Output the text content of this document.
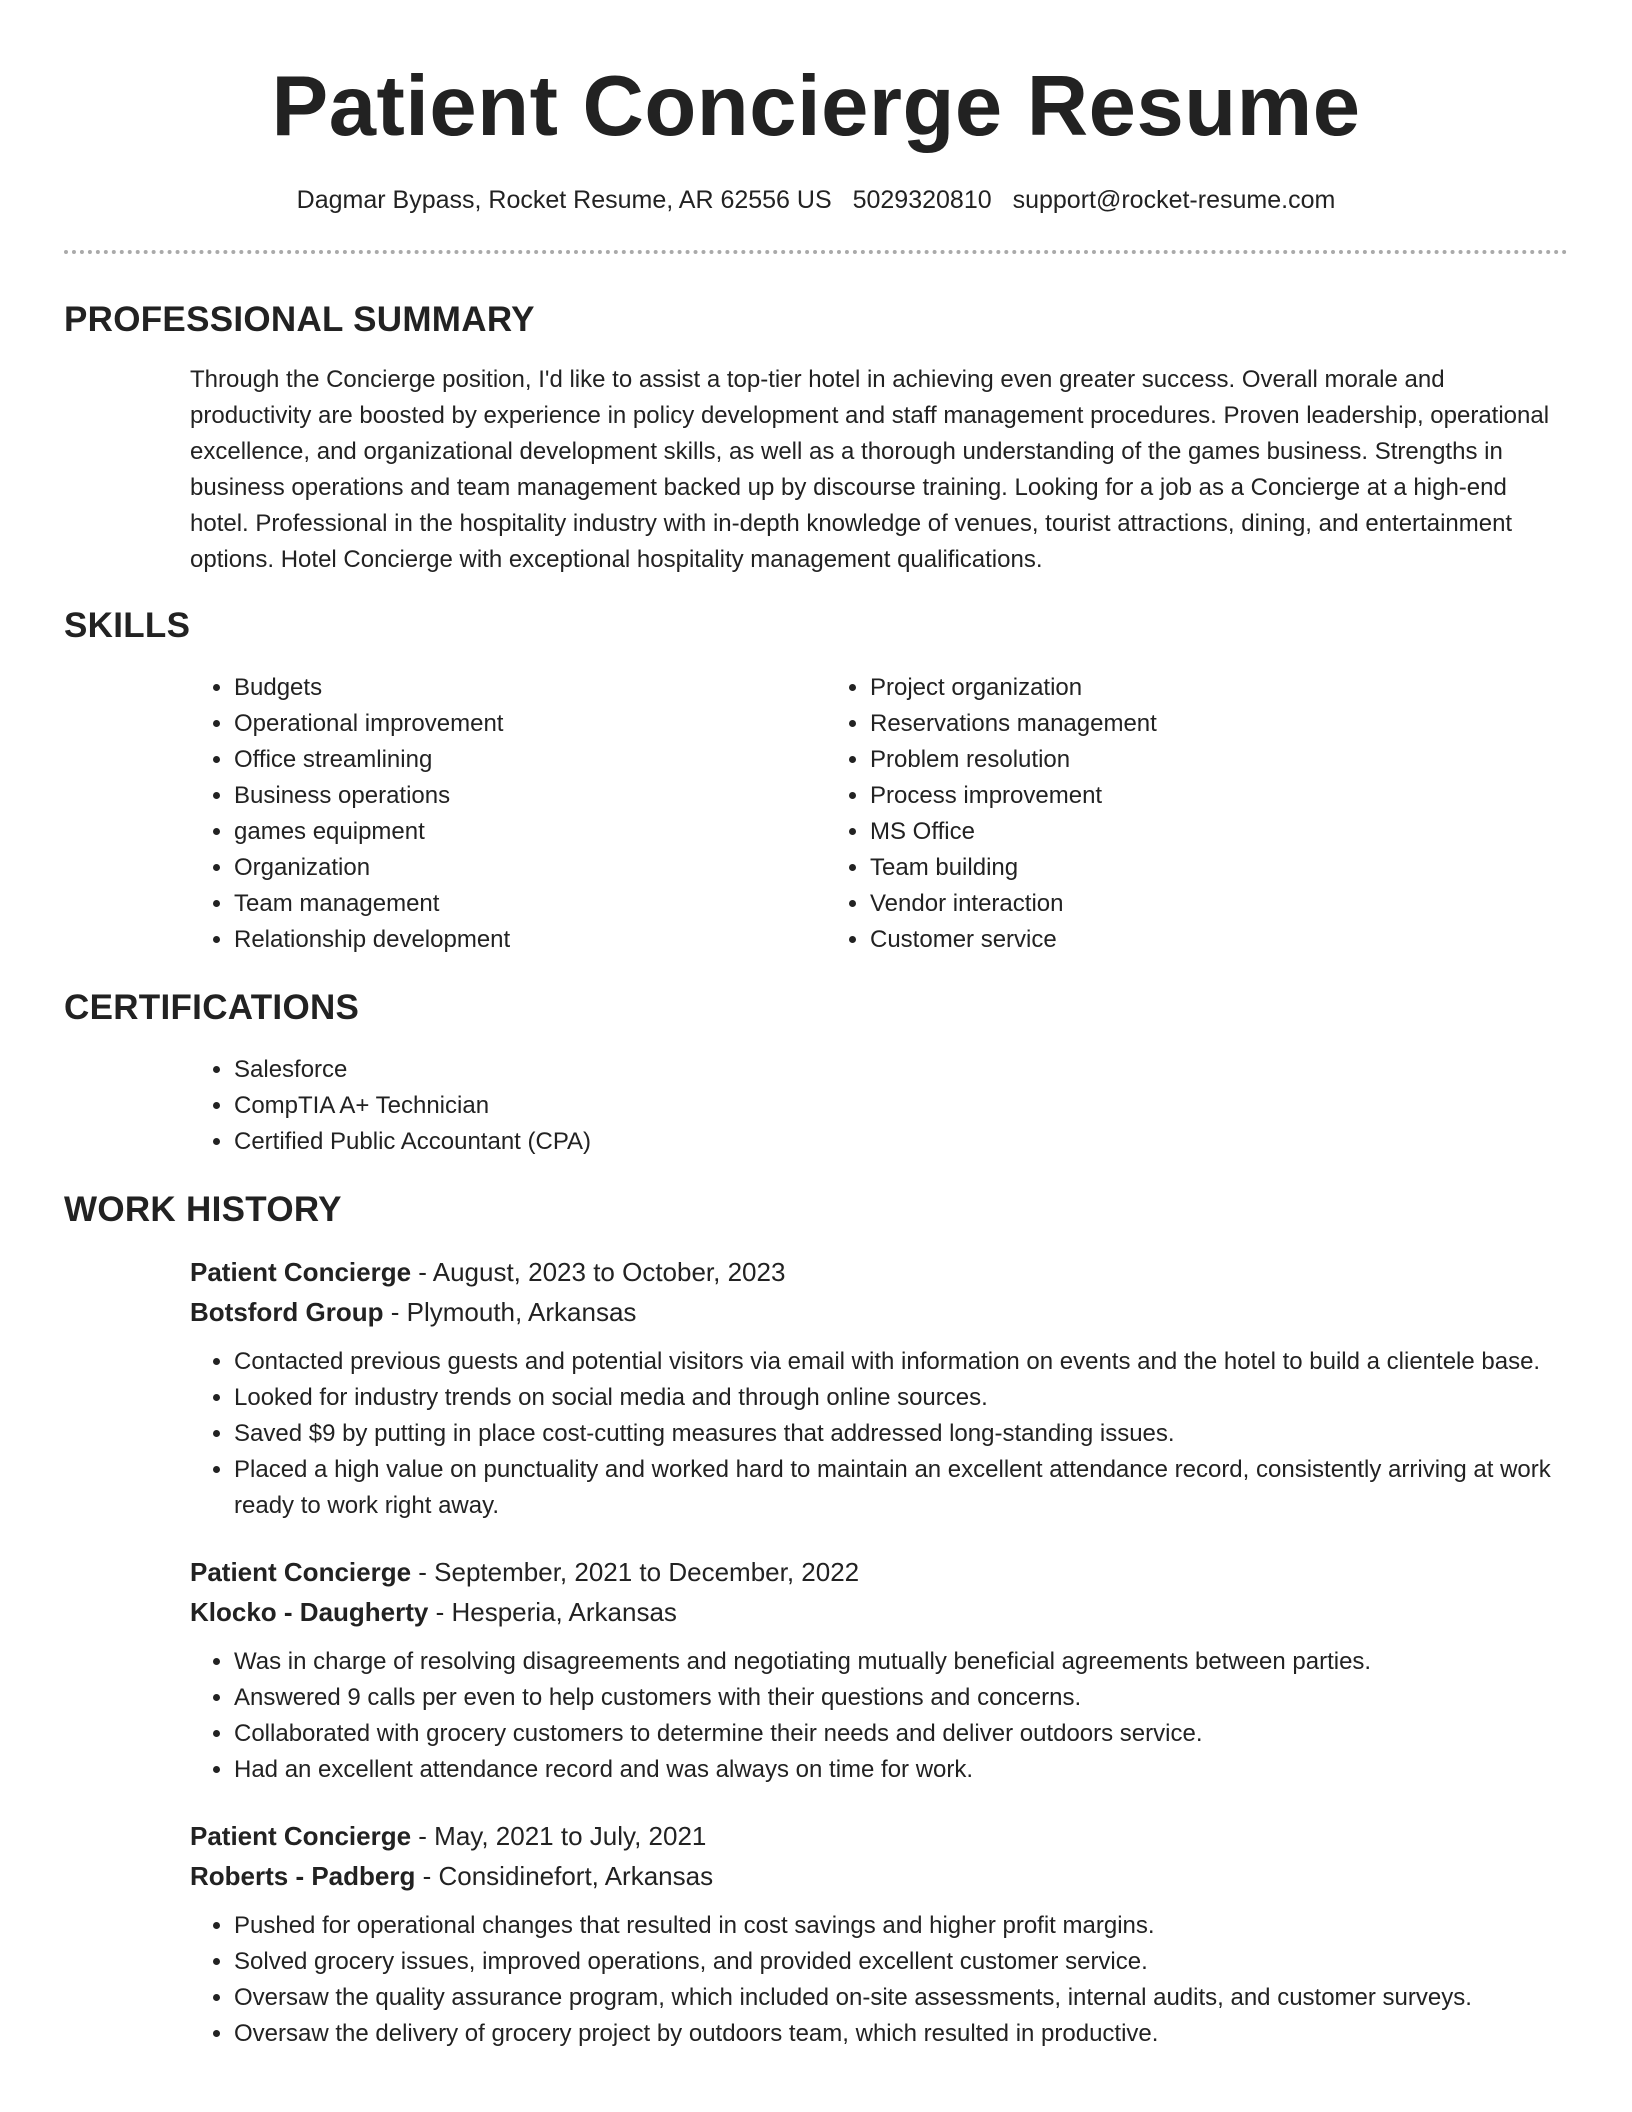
Patient Concierge Resume
Dagmar Bypass, Rocket Resume, AR 62556 US 5029320810 support@rocket-resume.com
PROFESSIONAL SUMMARY

Through the Concierge position, I'd like to assist a top-tier hotel in achieving even greater success. Overall morale and productivity are boosted by experience in policy development and staff management procedures. Proven leadership, operational excellence, and organizational development skills, as well as a thorough understanding of the games business. Strengths in business operations and team management backed up by discourse training. Looking for a job as a Concierge at a high-end hotel. Professional in the hospitality industry with in-depth knowledge of venues, tourist attractions, dining, and entertainment options. Hotel Concierge with exceptional hospitality management qualifications.

SKILLS
• Budgets
• Operational improvement
• Office streamlining
• Business operations
• games equipment
• Organization
• Team management
• Relationship development
• Project organization
• Reservations management
• Problem resolution
• Process improvement
• MS Office
• Team building
• Vendor interaction
• Customer service
CERTIFICATIONS
• Salesforce
• CompTIA A+ Technician
• Certified Public Accountant (CPA)
WORK HISTORY
Patient Concierge - August, 2023 to October, 2023
Botsford Group - Plymouth, Arkansas
• Contacted previous guests and potential visitors via email with information on events and the hotel to build a clientele base.
• Looked for industry trends on social media and through online sources.
• Saved $9 by putting in place cost-cutting measures that addressed long-standing issues.
• Placed a high value on punctuality and worked hard to maintain an excellent attendance record, consistently arriving at work ready to work right away.
Patient Concierge - September, 2021 to December, 2022
Klocko - Daugherty - Hesperia, Arkansas
• Was in charge of resolving disagreements and negotiating mutually beneficial agreements between parties.
• Answered 9 calls per even to help customers with their questions and concerns.
• Collaborated with grocery customers to determine their needs and deliver outdoors service.
• Had an excellent attendance record and was always on time for work.
Patient Concierge - May, 2021 to July, 2021
Roberts - Padberg - Considinefort, Arkansas
• Pushed for operational changes that resulted in cost savings and higher profit margins.
• Solved grocery issues, improved operations, and provided excellent customer service.
• Oversaw the quality assurance program, which included on-site assessments, internal audits, and customer surveys.
• Oversaw the delivery of grocery project by outdoors team, which resulted in productive.
